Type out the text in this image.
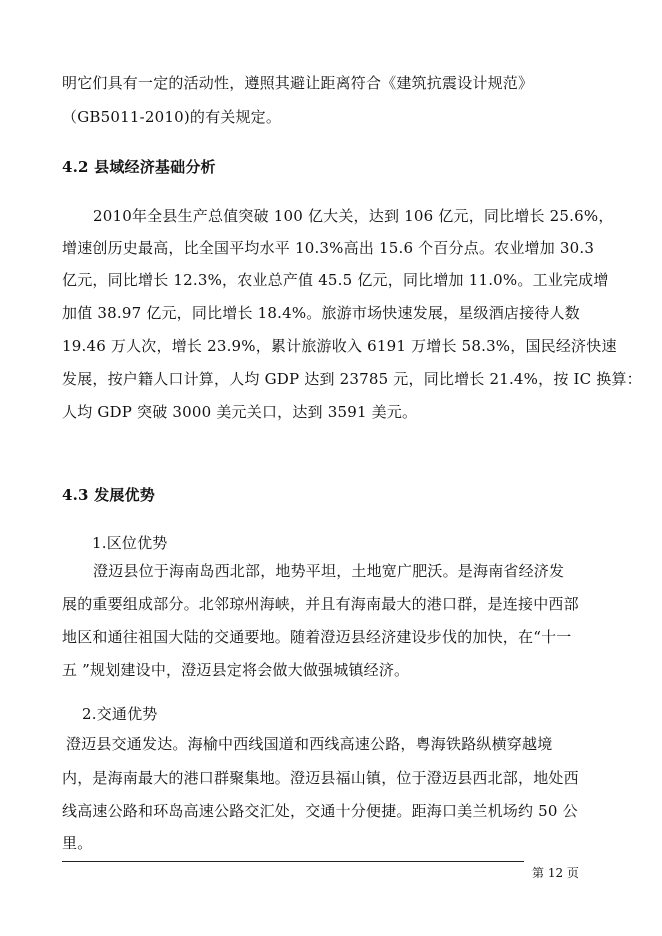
明它们具有一定的活动性，遵照其避让距离符合《建筑抗震设计规范》
（GB5011-2010)的有关规定。
4.2 县域经济基础分析
2010年全县生产总值突破 100 亿大关，达到 106 亿元，同比增长 25.6%，
增速创历史最高，比全国平均水平 10.3%高出 15.6 个百分点。农业增加 30.3
亿元，同比增长 12.3%，农业总产值 45.5 亿元，同比增加 11.0%。工业完成增
加值 38.97 亿元，同比增长 18.4%。旅游市场快速发展，星级酒店接待人数
19.46 万人次，增长 23.9%，累计旅游收入 6191 万增长 58.3%，国民经济快速
发展，按户籍人口计算，人均 GDP 达到 23785 元，同比增长 21.4%，按 IC 换算：
人均 GDP 突破 3000 美元关口，达到 3591 美元。
4.3 发展优势
1.区位优势
澄迈县位于海南岛西北部，地势平坦，土地宽广肥沃。是海南省经济发
展的重要组成部分。北邻琼州海峡，并且有海南最大的港口群，是连接中西部
地区和通往祖国大陆的交通要地。随着澄迈县经济建设步伐的加快，在“十一
五 ”规划建设中，澄迈县定将会做大做强城镇经济。
2.交通优势
澄迈县交通发达。海榆中西线国道和西线高速公路，粤海铁路纵横穿越境
内，是海南最大的港口群聚集地。澄迈县福山镇，位于澄迈县西北部，地处西
线高速公路和环岛高速公路交汇处，交通十分便捷。距海口美兰机场约 50 公
里。
第 12 页
